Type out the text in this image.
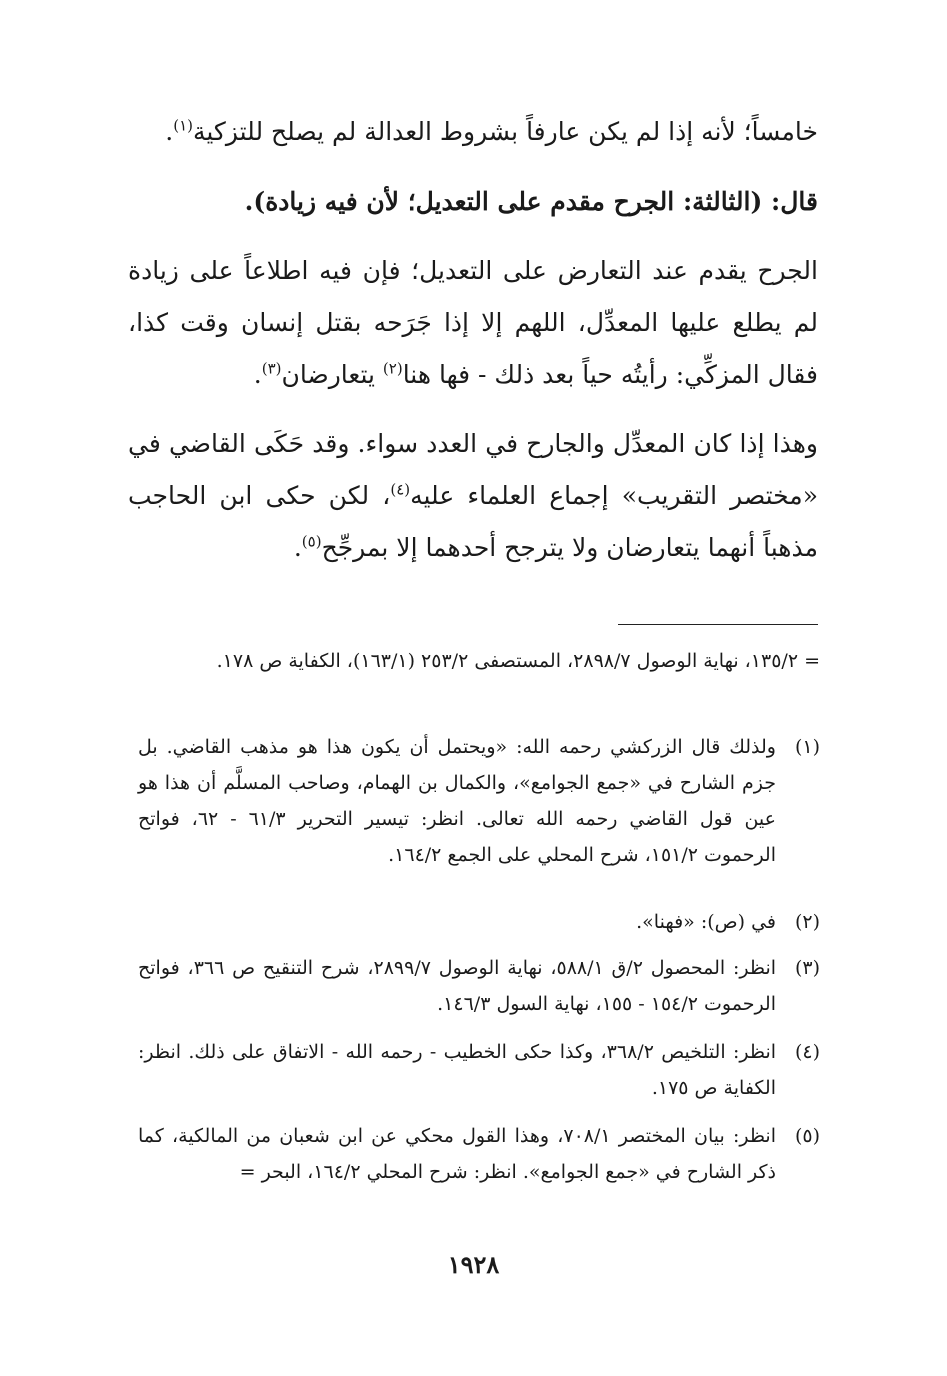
خامساً؛ لأنه إذا لم يكن عارفاً بشروط العدالة لم يصلح للتزكية$^{(١)}$.

قال: (الثالثة: الجرح مقدم على التعديل؛ لأن فيه زيادة).

الجرح يقدم عند التعارض على التعديل؛ فإن فيه اطلاعاً على زيادة لم يطلع عليها المعدِّل، اللهم إلا إذا جَرَحه بقتل إنسان وقت كذا، فقال المزكِّي: رأيتُه حياً بعد ذلك - فها هنا$^{(٢)}$ يتعارضان$^{(٣)}$.

وهذا إذا كان المعدِّل والجارح في العدد سواء. وقد حَكَى القاضي في «مختصر التقريب» إجماع العلماء عليه$^{(٤)}$، لكن حكى ابن الحاجب مذهباً أنهما يتعارضان ولا يترجح أحدهما إلا بمرجِّح$^{(٥)}$.

= ١٣٥/٢، نهاية الوصول ٢٨٩٨/٧، المستصفى ٢٥٣/٢ (١٦٣/١)، الكفاية ص ١٧٨.

(١)

ولذلك قال الزركشي رحمه الله: «ويحتمل أن يكون هذا هو مذهب القاضي. بل جزم الشارح في «جمع الجوامع»، والكمال بن الهمام، وصاحب المسلَّم أن هذا هو عين قول القاضي رحمه الله تعالى. انظر: تيسير التحرير ٦١/٣ - ٦٢، فواتح الرحموت ١٥١/٢، شرح المحلي على الجمع ١٦٤/٢.

(٢)

في (ص): «فهنا».

(٣)

انظر: المحصول ٢/ق ٥٨٨/١، نهاية الوصول ٢٨٩٩/٧، شرح التنقيح ص ٣٦٦، فواتح الرحموت ١٥٤/٢ - ١٥٥، نهاية السول ١٤٦/٣.

(٤)

انظر: التلخيص ٣٦٨/٢، وكذا حكى الخطيب - رحمه الله - الاتفاق على ذلك. انظر: الكفاية ص ١٧٥.

(٥)

انظر: بيان المختصر ٧٠٨/١، وهذا القول محكي عن ابن شعبان من المالكية، كما ذكر الشارح في «جمع الجوامع». انظر: شرح المحلي ١٦٤/٢، البحر =

١٩٢٨
